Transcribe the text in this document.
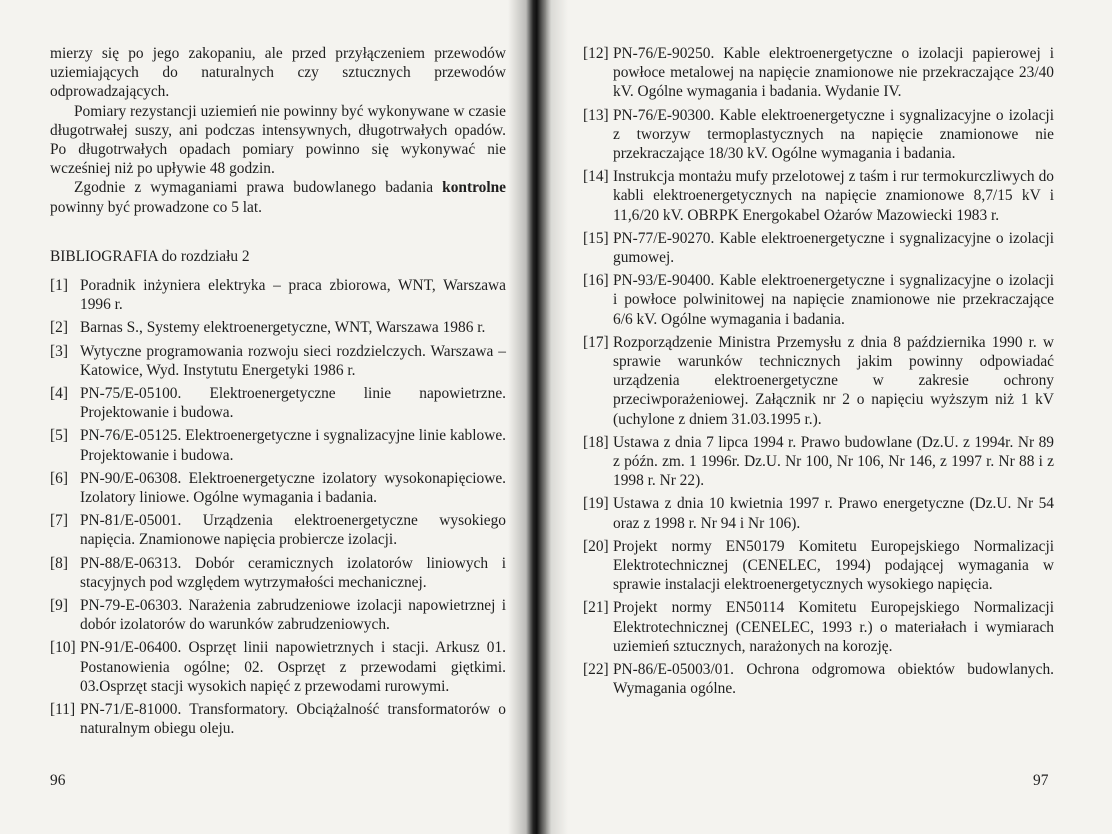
mierzy się po jego zakopaniu, ale przed przyłączeniem przewodów uziemiających do naturalnych czy sztucznych przewodów odprowadzających.

Pomiary rezystancji uziemień nie powinny być wykonywane w czasie długotrwałej suszy, ani podczas intensywnych, długotrwałych opadów. Po długotrwałych opadach pomiary powinno się wykonywać nie wcześniej niż po upływie 48 godzin.

Zgodnie z wymaganiami prawa budowlanego badania kontrolne powinny być prowadzone co 5 lat.

BIBLIOGRAFIA do rozdziału 2

[1] Poradnik inżyniera elektryka – praca zbiorowa, WNT, Warszawa 1996 r.
[2] Barnas S., Systemy elektroenergetyczne, WNT, Warszawa 1986 r.
[3] Wytyczne programowania rozwoju sieci rozdzielczych. Warszawa – Katowice, Wyd. Instytutu Energetyki 1986 r.
[4] PN-75/E-05100. Elektroenergetyczne linie napowietrzne. Projektowanie i budowa.
[5] PN-76/E-05125. Elektroenergetyczne i sygnalizacyjne linie kablowe. Projektowanie i budowa.
[6] PN-90/E-06308. Elektroenergetyczne izolatory wysokonapięciowe. Izolatory liniowe. Ogólne wymagania i badania.
[7] PN-81/E-05001. Urządzenia elektroenergetyczne wysokiego napięcia. Znamionowe napięcia probiercze izolacji.
[8] PN-88/E-06313. Dobór ceramicznych izolatorów liniowych i stacyjnych pod względem wytrzymałości mechanicznej.
[9] PN-79-E-06303. Narażenia zabrudzeniowe izolacji napowietrznej i dobór izolatorów do warunków zabrudzeniowych.
[10] PN-91/E-06400. Osprzęt linii napowietrznych i stacji. Arkusz 01. Postanowienia ogólne; 02. Osprzęt z przewodami giętkimi. 03.Osprzęt stacji wysokich napięć z przewodami rurowymi.
[11] PN-71/E-81000. Transformatory. Obciążalność transformatorów o naturalnym obiegu oleju.
96
[12] PN-76/E-90250. Kable elektroenergetyczne o izolacji papierowej i powłoce metalowej na napięcie znamionowe nie przekraczające 23/40 kV. Ogólne wymagania i badania. Wydanie IV.
[13] PN-76/E-90300. Kable elektroenergetyczne i sygnalizacyjne o izolacji z tworzyw termoplastycznych na napięcie znamionowe nie przekraczające 18/30 kV. Ogólne wymagania i badania.
[14] Instrukcja montażu mufy przelotowej z taśm i rur termokurczliwych do kabli elektroenergetycznych na napięcie znamionowe 8,7/15 kV i 11,6/20 kV. OBRPK Energokabel Ożarów Mazowiecki 1983 r.
[15] PN-77/E-90270. Kable elektroenergetyczne i sygnalizacyjne o izolacji gumowej.
[16] PN-93/E-90400. Kable elektroenergetyczne i sygnalizacyjne o izolacji i powłoce polwinitowej na napięcie znamionowe nie przekraczające 6/6 kV. Ogólne wymagania i badania.
[17] Rozporządzenie Ministra Przemysłu z dnia 8 października 1990 r. w sprawie warunków technicznych jakim powinny odpowiadać urządzenia elektroenergetyczne w zakresie ochrony przeciwporażeniowej. Załącznik nr 2 o napięciu wyższym niż 1 kV (uchylone z dniem 31.03.1995 r.).
[18] Ustawa z dnia 7 lipca 1994 r. Prawo budowlane (Dz.U. z 1994r. Nr 89 z późn. zm. 1 1996r. Dz.U. Nr 100, Nr 106, Nr 146, z 1997 r. Nr 88 i z 1998 r. Nr 22).
[19] Ustawa z dnia 10 kwietnia 1997 r. Prawo energetyczne (Dz.U. Nr 54 oraz z 1998 r. Nr 94 i Nr 106).
[20] Projekt normy EN50179 Komitetu Europejskiego Normalizacji Elektrotechnicznej (CENELEC, 1994) podającej wymagania w sprawie instalacji elektroenergetycznych wysokiego napięcia.
[21] Projekt normy EN50114 Komitetu Europejskiego Normalizacji Elektrotechnicznej (CENELEC, 1993 r.) o materiałach i wymiarach uziemień sztucznych, narażonych na korozję.
[22] PN-86/E-05003/01. Ochrona odgromowa obiektów budowlanych. Wymagania ogólne.
97
